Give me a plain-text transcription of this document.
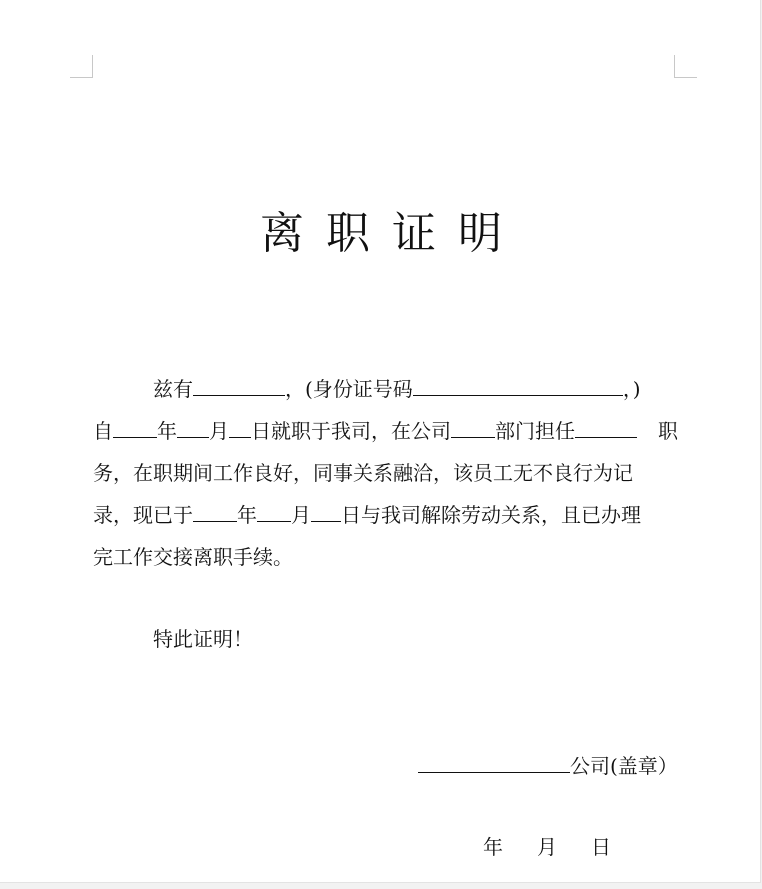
离职证明
兹有	，(身份证号码	，)
自 年 月 日就职于我司，在公司 部门担任	职
务，在职期间工作良好，同事关系融洽，该员工无不良行为记
录，现已于 年 月 日与我司解除劳动关系，且已办理
完工作交接离职手续。
特此证明！
公司(盖章）
年 月 日
